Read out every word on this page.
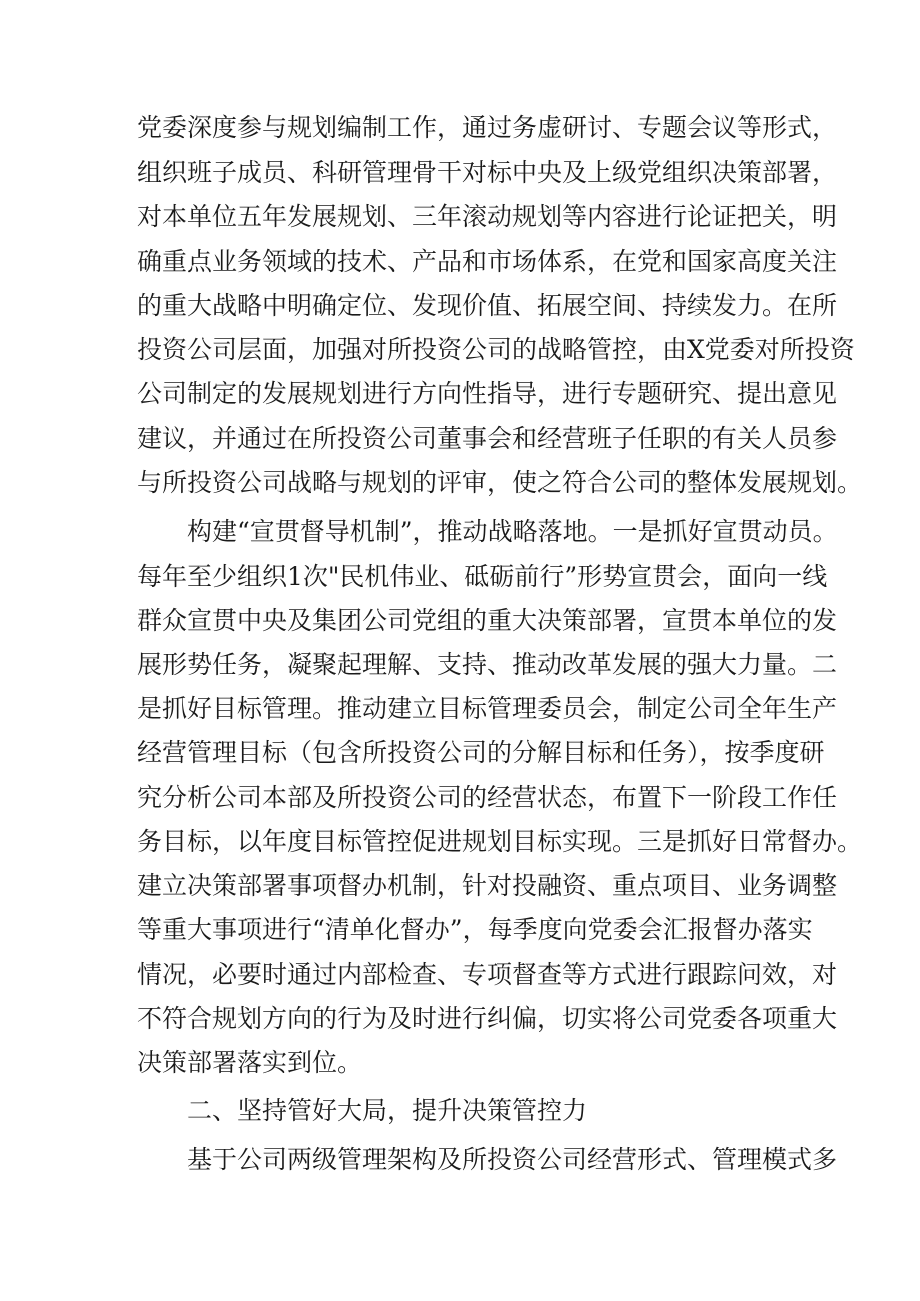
党委深度参与规划编制工作，通过务虚研讨、专题会议等形式，
组织班子成员、科研管理骨干对标中央及上级党组织决策部署，
对本单位五年发展规划、三年滚动规划等内容进行论证把关，明
确重点业务领域的技术、产品和市场体系，在党和国家高度关注
的重大战略中明确定位、发现价值、拓展空间、持续发力。在所
投资公司层面，加强对所投资公司的战略管控，由X党委对所投资
公司制定的发展规划进行方向性指导，进行专题研究、提出意见
建议，并通过在所投资公司董事会和经营班子任职的有关人员参
与所投资公司战略与规划的评审，使之符合公司的整体发展规划。
构建“宣贯督导机制”，推动战略落地。一是抓好宣贯动员。
每年至少组织1次"民机伟业、砥砺前行”形势宣贯会，面向一线
群众宣贯中央及集团公司党组的重大决策部署，宣贯本单位的发
展形势任务，凝聚起理解、支持、推动改革发展的强大力量。二
是抓好目标管理。推动建立目标管理委员会，制定公司全年生产
经营管理目标（包含所投资公司的分解目标和任务），按季度研
究分析公司本部及所投资公司的经营状态，布置下一阶段工作任
务目标，以年度目标管控促进规划目标实现。三是抓好日常督办。
建立决策部署事项督办机制，针对投融资、重点项目、业务调整
等重大事项进行“清单化督办”，每季度向党委会汇报督办落实
情况，必要时通过内部检查、专项督查等方式进行跟踪问效，对
不符合规划方向的行为及时进行纠偏，切实将公司党委各项重大
决策部署落实到位。
二、坚持管好大局，提升决策管控力
基于公司两级管理架构及所投资公司经营形式、管理模式多
